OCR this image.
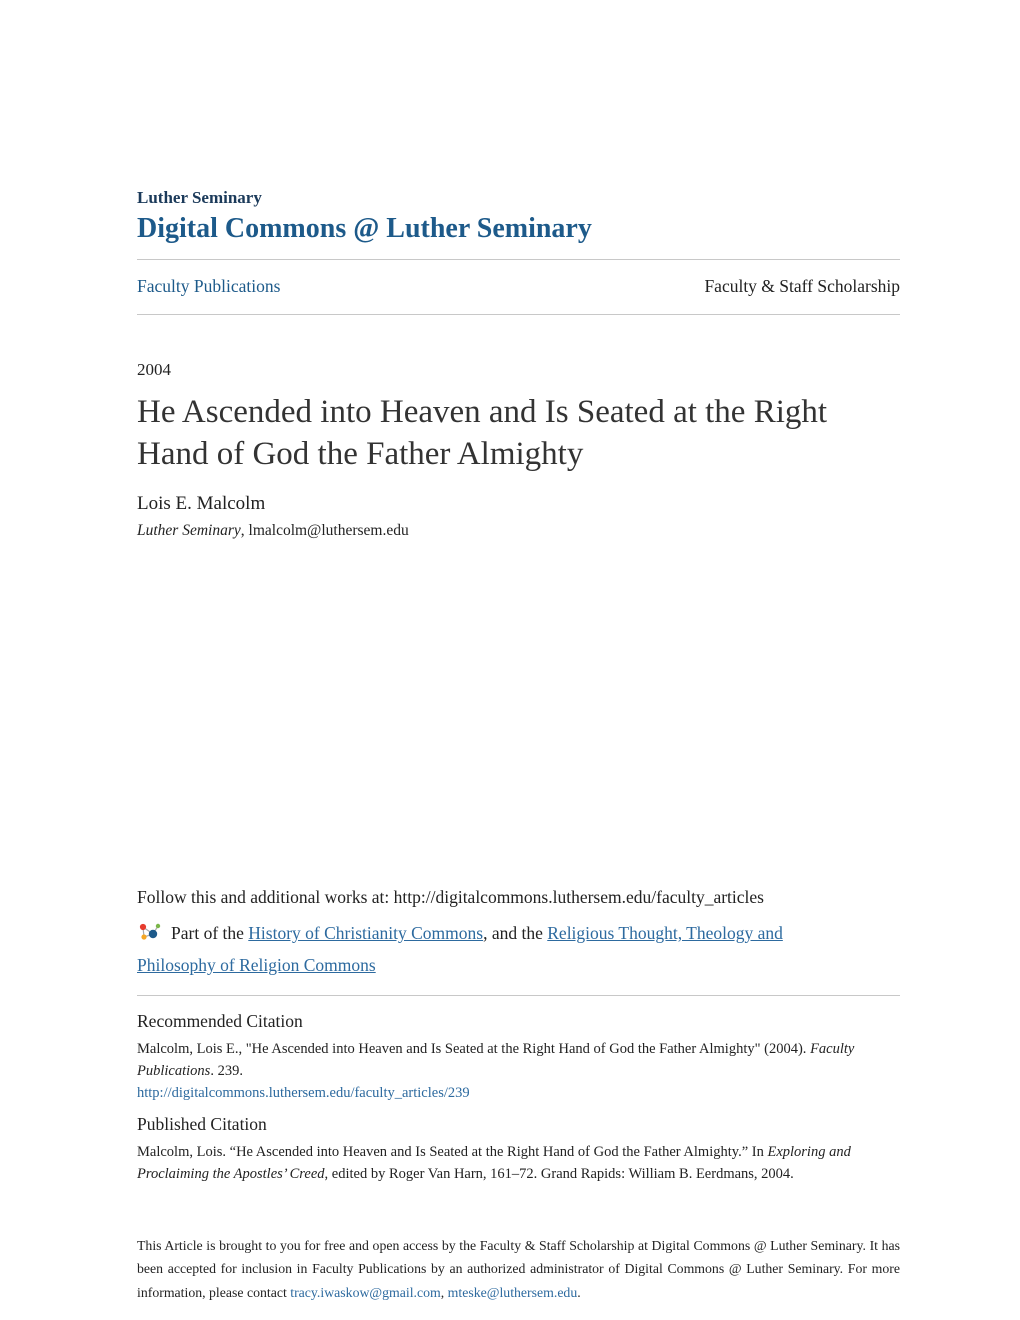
Luther Seminary
Digital Commons @ Luther Seminary
Faculty Publications	Faculty & Staff Scholarship
2004
He Ascended into Heaven and Is Seated at the Right Hand of God the Father Almighty
Lois E. Malcolm
Luther Seminary, lmalcolm@luthersem.edu
Follow this and additional works at: http://digitalcommons.luthersem.edu/faculty_articles
Part of the History of Christianity Commons, and the Religious Thought, Theology and Philosophy of Religion Commons
Recommended Citation
Malcolm, Lois E., "He Ascended into Heaven and Is Seated at the Right Hand of God the Father Almighty" (2004). Faculty Publications. 239.
http://digitalcommons.luthersem.edu/faculty_articles/239
Published Citation
Malcolm, Lois. “He Ascended into Heaven and Is Seated at the Right Hand of God the Father Almighty.” In Exploring and Proclaiming the Apostles’ Creed, edited by Roger Van Harn, 161–72. Grand Rapids: William B. Eerdmans, 2004.

This Article is brought to you for free and open access by the Faculty & Staff Scholarship at Digital Commons @ Luther Seminary. It has been accepted for inclusion in Faculty Publications by an authorized administrator of Digital Commons @ Luther Seminary. For more information, please contact tracy.iwaskow@gmail.com, mteske@luthersem.edu.
